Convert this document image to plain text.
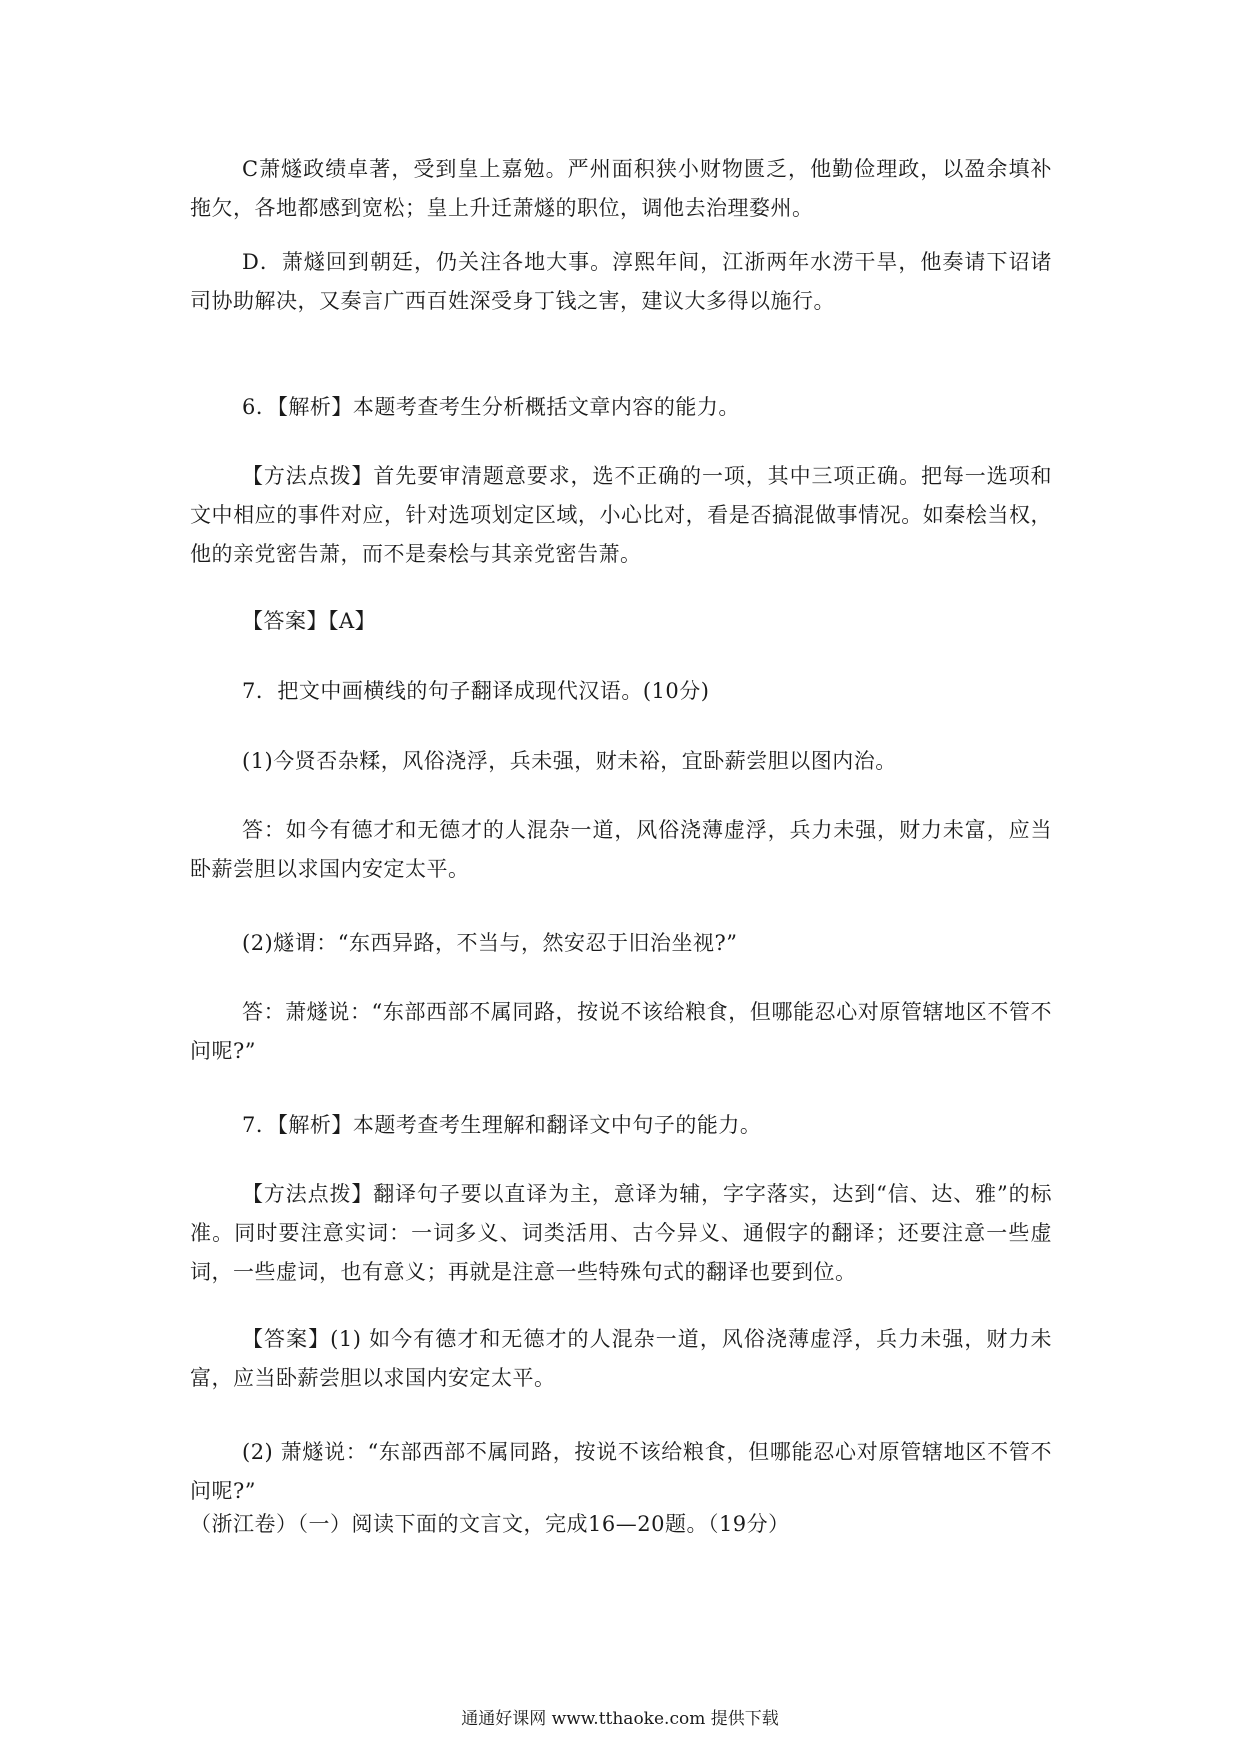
C萧燧政绩卓著，受到皇上嘉勉。严州面积狭小财物匮乏，他勤俭理政，以盈余填补拖欠，各地都感到宽松；皇上升迁萧燧的职位，调他去治理婺州。

D．萧燧回到朝廷，仍关注各地大事。淳熙年间，江浙两年水涝干旱，他奏请下诏诸司协助解决，又奏言广西百姓深受身丁钱之害，建议大多得以施行。

6．【解析】本题考查考生分析概括文章内容的能力。

【方法点拨】首先要审清题意要求，选不正确的一项，其中三项正确。把每一选项和文中相应的事件对应，针对选项划定区域，小心比对，看是否搞混做事情况。如秦桧当权，他的亲党密告萧，而不是秦桧与其亲党密告萧。

【答案】【A】

7．把文中画横线的句子翻译成现代汉语。(10分)

(1)今贤否杂糅，风俗浇浮，兵未强，财未裕，宜卧薪尝胆以图内治。

答：如今有德才和无德才的人混杂一道，风俗浇薄虚浮，兵力未强，财力未富，应当卧薪尝胆以求国内安定太平。

(2)燧谓：“东西异路，不当与，然安忍于旧治坐视?”

答：萧燧说：“东部西部不属同路，按说不该给粮食，但哪能忍心对原管辖地区不管不问呢?”

7．【解析】本题考查考生理解和翻译文中句子的能力。

【方法点拨】翻译句子要以直译为主，意译为辅，字字落实，达到“信、达、雅”的标准。同时要注意实词：一词多义、词类活用、古今异义、通假字的翻译；还要注意一些虚词，一些虚词，也有意义；再就是注意一些特殊句式的翻译也要到位。

【答案】(1) 如今有德才和无德才的人混杂一道，风俗浇薄虚浮，兵力未强，财力未富，应当卧薪尝胆以求国内安定太平。

(2) 萧燧说：“东部西部不属同路，按说不该给粮食，但哪能忍心对原管辖地区不管不问呢?”

（浙江卷）（一）阅读下面的文言文，完成16—20题。（19分）

通通好课网 www.tthaoke.com 提供下载
